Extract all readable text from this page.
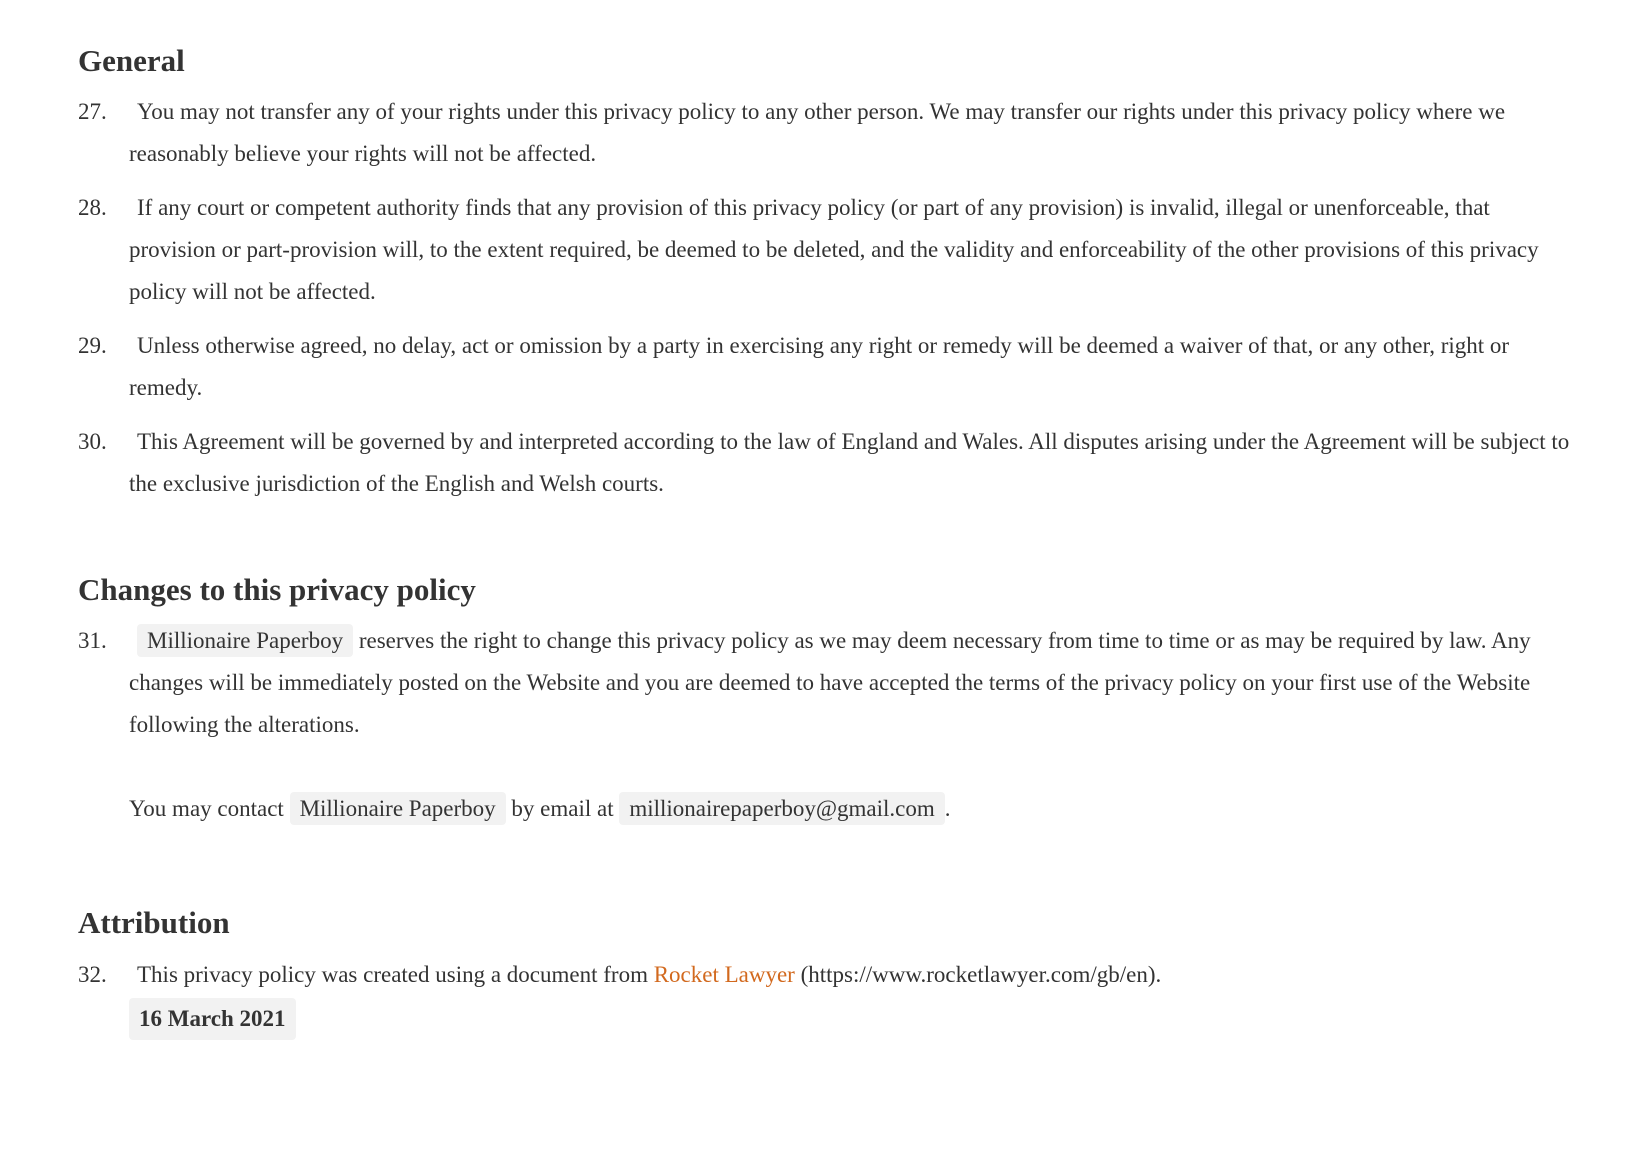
General
27.	You may not transfer any of your rights under this privacy policy to any other person. We may transfer our rights under this privacy policy where we reasonably believe your rights will not be affected.
28.	If any court or competent authority finds that any provision of this privacy policy (or part of any provision) is invalid, illegal or unenforceable, that provision or part-provision will, to the extent required, be deemed to be deleted, and the validity and enforceability of the other provisions of this privacy policy will not be affected.
29.	Unless otherwise agreed, no delay, act or omission by a party in exercising any right or remedy will be deemed a waiver of that, or any other, right or remedy.
30.	This Agreement will be governed by and interpreted according to the law of England and Wales. All disputes arising under the Agreement will be subject to the exclusive jurisdiction of the English and Welsh courts.
Changes to this privacy policy
31.	Millionaire Paperboy reserves the right to change this privacy policy as we may deem necessary from time to time or as may be required by law. Any changes will be immediately posted on the Website and you are deemed to have accepted the terms of the privacy policy on your first use of the Website following the alterations.
You may contact Millionaire Paperboy by email at millionairepaperboy@gmail.com .
Attribution
32.	This privacy policy was created using a document from Rocket Lawyer (https://www.rocketlawyer.com/gb/en).
16 March 2021
